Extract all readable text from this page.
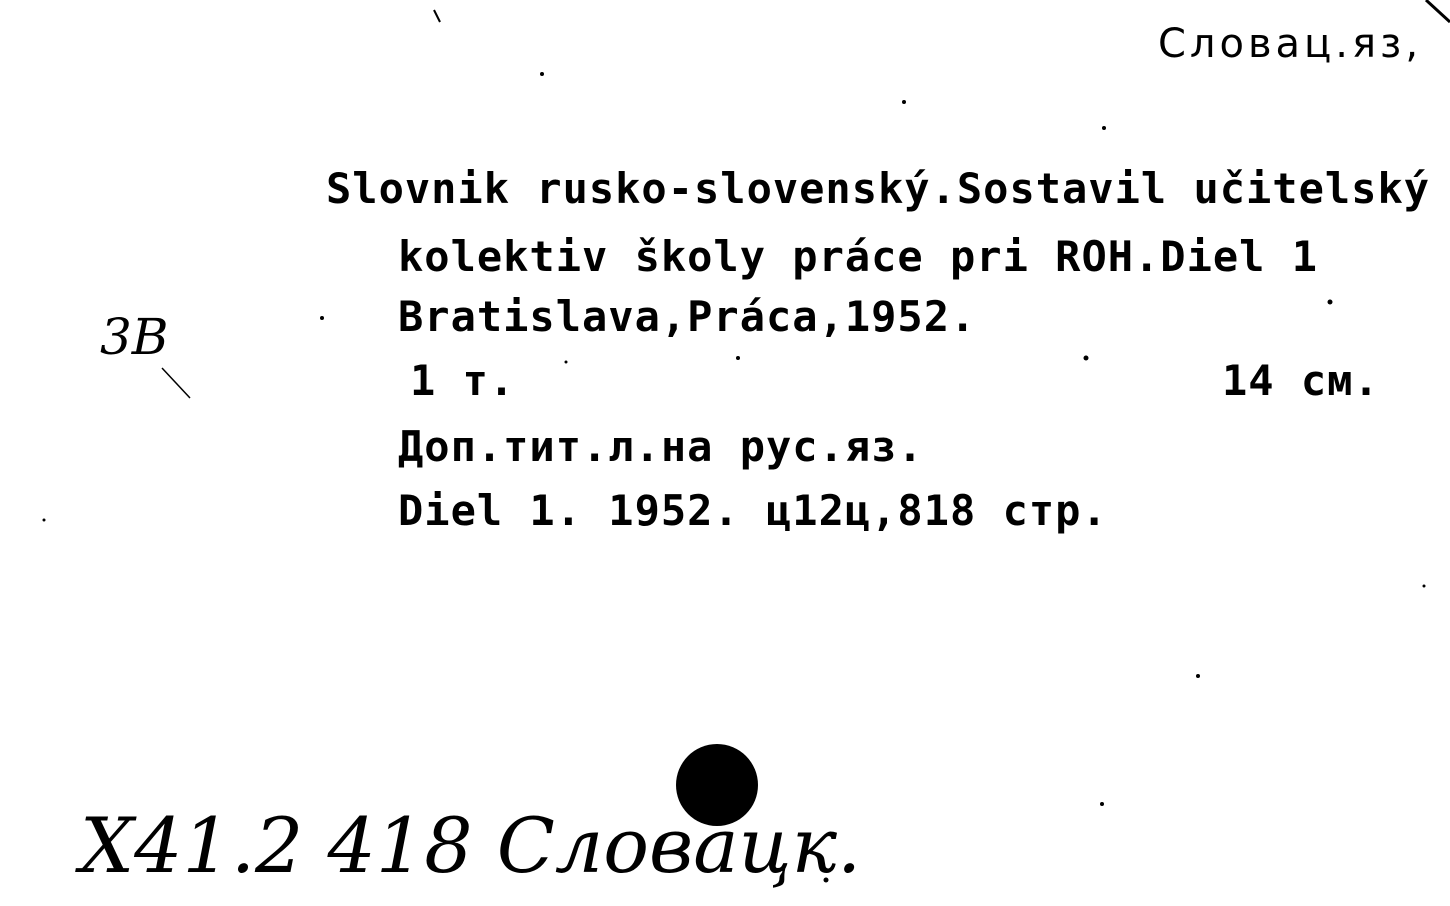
Словац.яз,
3B
Slovnik rusko-slovenský.Sostavil učitelský
kolektiv školy práce pri ROH.Diel 1
Bratislava,Práca,1952.
1 т.	14 см.
Доп.тит.л.на рус.яз.
Diel 1. 1952. ц12ц,818 стр.
X41.2 418 Словацк.
